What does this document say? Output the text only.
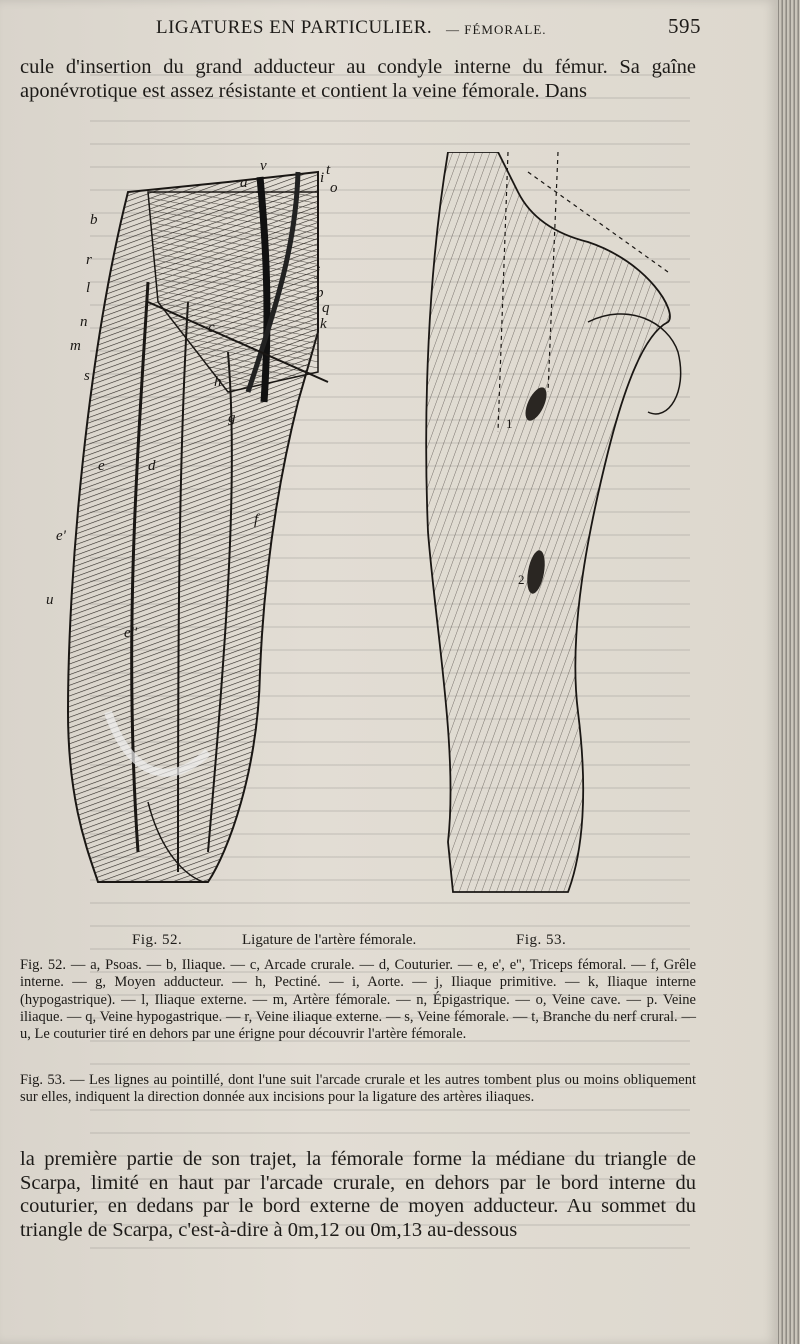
LIGATURES EN PARTICULIER. — FÉMORALE.	595

cule d'insertion du grand adducteur au condyle interne du fémur. Sa gaîne aponévrotique est assez résistante et contient la veine fémorale. Dans

a
b
c
d
e
e'
e''
f
g
h
i
j
k
l
m
n
o
p
q
r
s
t
u
v
1
2
Fig. 52.	Ligature de l'artère fémorale.	Fig. 53.

Fig. 52. — a, Psoas. — b, Iliaque. — c, Arcade crurale. — d, Couturier. — e, e', e'', Triceps fémoral. — f, Grêle interne. — g, Moyen adducteur. — h, Pectiné. — i, Aorte. — j, Iliaque primitive. — k, Iliaque interne (hypogastrique). — l, Iliaque externe. — m, Artère fémorale. — n, Épigastrique. — o, Veine cave. — p. Veine iliaque. — q, Veine hypogastrique. — r, Veine iliaque externe. — s, Veine fémorale. — t, Branche du nerf crural. — u, Le couturier tiré en dehors par une érigne pour découvrir l'artère fémorale.

Fig. 53. — Les lignes au pointillé, dont l'une suit l'arcade crurale et les autres tombent plus ou moins obliquement sur elles, indiquent la direction donnée aux incisions pour la ligature des artères iliaques.

la première partie de son trajet, la fémorale forme la médiane du triangle de Scarpa, limité en haut par l'arcade crurale, en dehors par le bord interne du couturier, en dedans par le bord externe de moyen adducteur. Au sommet du triangle de Scarpa, c'est-à-dire à 0m,12 ou 0m,13 au-dessous
